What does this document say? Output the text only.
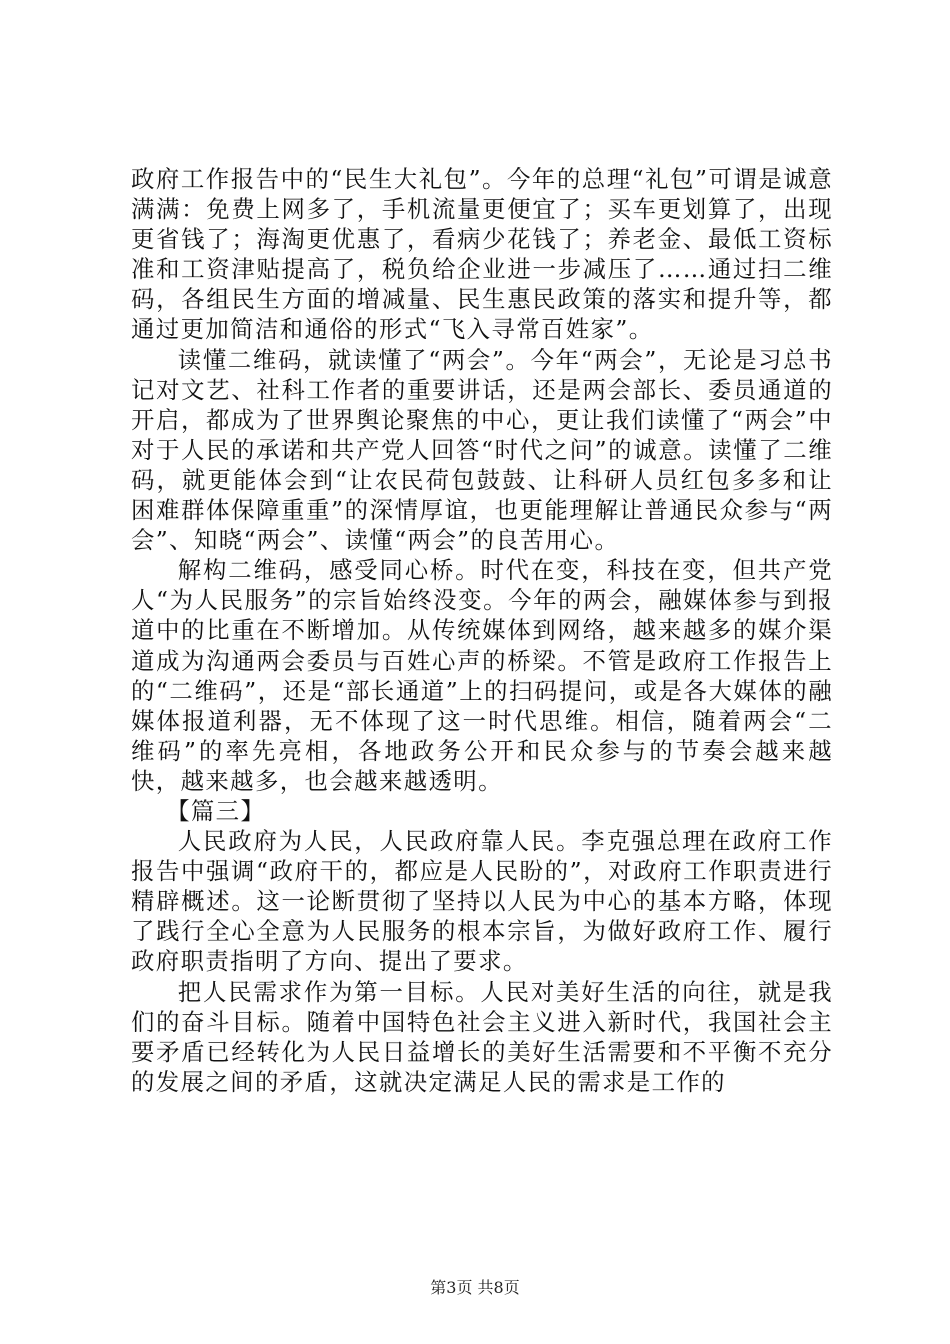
政府工作报告中的“民生大礼包”。今年的总理“礼包”可谓是诚意满满：免费上网多了，手机流量更便宜了；买车更划算了，出现更省钱了；海淘更优惠了，看病少花钱了；养老金、最低工资标准和工资津贴提高了，税负给企业进一步减压了……通过扫二维码，各组民生方面的增减量、民生惠民政策的落实和提升等，都通过更加简洁和通俗的形式“飞入寻常百姓家”。

读懂二维码，就读懂了“两会”。今年“两会”，无论是习总书记对文艺、社科工作者的重要讲话，还是两会部长、委员通道的开启，都成为了世界舆论聚焦的中心，更让我们读懂了“两会”中对于人民的承诺和共产党人回答“时代之问”的诚意。读懂了二维码，就更能体会到“让农民荷包鼓鼓、让科研人员红包多多和让困难群体保障重重”的深情厚谊，也更能理解让普通民众参与“两会”、知晓“两会”、读懂“两会”的良苦用心。

解构二维码，感受同心桥。时代在变，科技在变，但共产党人“为人民服务”的宗旨始终没变。今年的两会，融媒体参与到报道中的比重在不断增加。从传统媒体到网络，越来越多的媒介渠道成为沟通两会委员与百姓心声的桥梁。不管是政府工作报告上的“二维码”，还是“部长通道”上的扫码提问，或是各大媒体的融媒体报道利器，无不体现了这一时代思维。相信，随着两会“二维码”的率先亮相，各地政务公开和民众参与的节奏会越来越快，越来越多，也会越来越透明。

【篇三】

人民政府为人民，人民政府靠人民。李克强总理在政府工作报告中强调“政府干的，都应是人民盼的”，对政府工作职责进行精辟概述。这一论断贯彻了坚持以人民为中心的基本方略，体现了践行全心全意为人民服务的根本宗旨，为做好政府工作、履行政府职责指明了方向、提出了要求。

把人民需求作为第一目标。人民对美好生活的向往，就是我们的奋斗目标。随着中国特色社会主义进入新时代，我国社会主要矛盾已经转化为人民日益增长的美好生活需要和不平衡不充分的发展之间的矛盾，这就决定满足人民的需求是工作的

第3页 共8页
